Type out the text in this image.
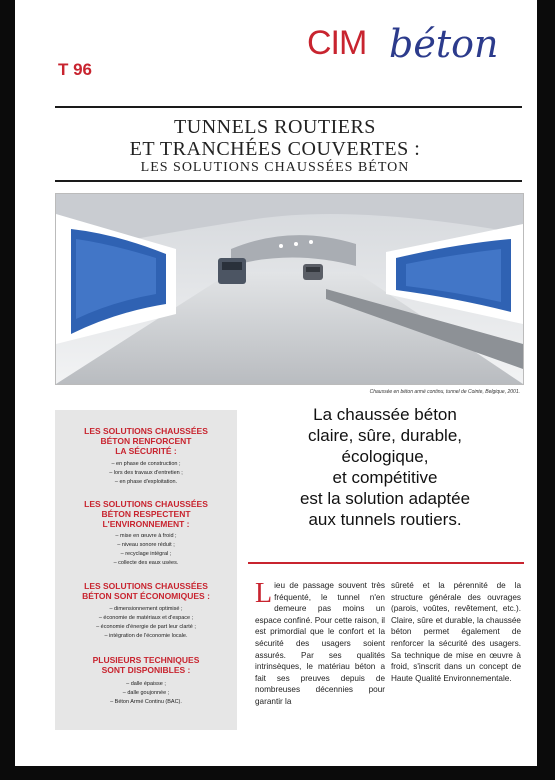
T 96
CIM béton
TUNNELS ROUTIERS
ET TRANCHÉES COUVERTES :
LES SOLUTIONS CHAUSSÉES BÉTON
Chaussée en béton armé continu, tunnel de Cointe, Belgique, 2001.
LES SOLUTIONS CHAUSSÉES
BÉTON RENFORCENT
LA SÉCURITÉ :
– en phase de construction ;
– lors des travaux d'entretien ;
– en phase d'exploitation.
LES SOLUTIONS CHAUSSÉES
BÉTON RESPECTENT
L'ENVIRONNEMENT :
– mise en œuvre à froid ;
– niveau sonore réduit ;
– recyclage intégral ;
– collecte des eaux usées.
LES SOLUTIONS CHAUSSÉES
BÉTON SONT ÉCONOMIQUES :
– dimensionnement optimisé ;
– économie de matériaux et d'espace ;
– économie d'énergie de part leur clarté ;
– intégration de l'économie locale.
PLUSIEURS TECHNIQUES
SONT DISPONIBLES :
– dalle épaisse ;
– dalle goujonnée ;
– Béton Armé Continu (BAC).
La chaussée béton
claire, sûre, durable,
écologique,
et compétitive
est la solution adaptée
aux tunnels routiers.
Lieu de passage souvent très fréquenté, le tunnel n'en demeure pas moins un espace confiné. Pour cette raison, il est primordial que le confort et la sécurité des usagers soient assurés. Par ses qualités intrinsèques, le matériau béton a fait ses preuves depuis de nombreuses décennies pour garantir la
sûreté et la pérennité de la structure générale des ouvrages (parois, voûtes, revêtement, etc.). Claire, sûre et durable, la chaussée béton permet également de renforcer la sécurité des usagers. Sa technique de mise en œuvre à froid, s'inscrit dans un concept de Haute Qualité Environnementale.
